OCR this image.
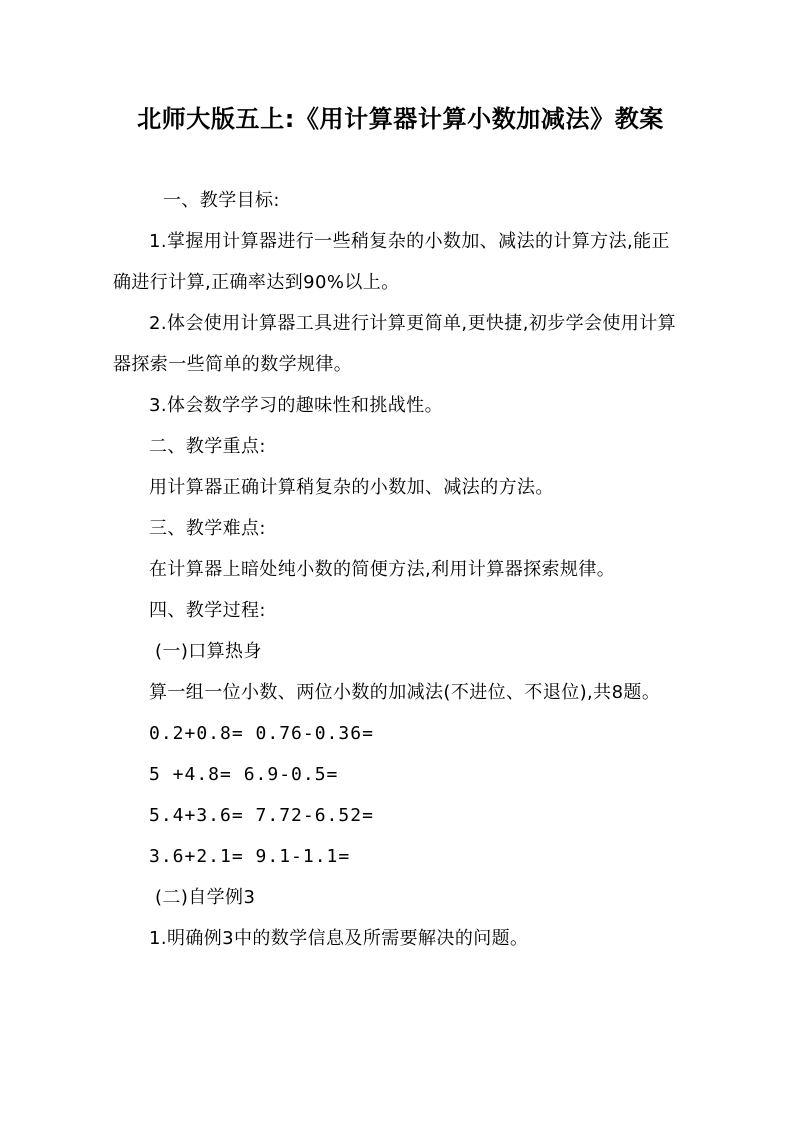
北师大版五上:《用计算器计算小数加减法》教案

一、教学目标:

1.掌握用计算器进行一些稍复杂的小数加、减法的计算方法,能正确进行计算,正确率达到90%以上。

2.体会使用计算器工具进行计算更简单,更快捷,初步学会使用计算器探索一些简单的数学规律。

3.体会数学学习的趣味性和挑战性。

二、教学重点:

用计算器正确计算稍复杂的小数加、减法的方法。

三、教学难点:

在计算器上暗处纯小数的简便方法,利用计算器探索规律。

四、教学过程:

(一)口算热身

算一组一位小数、两位小数的加减法(不进位、不退位),共8题。

0.2+0.8= 0.76-0.36=

5 +4.8= 6.9-0.5=

5.4+3.6= 7.72-6.52=

3.6+2.1= 9.1-1.1=

(二)自学例3

1.明确例3中的数学信息及所需要解决的问题。
